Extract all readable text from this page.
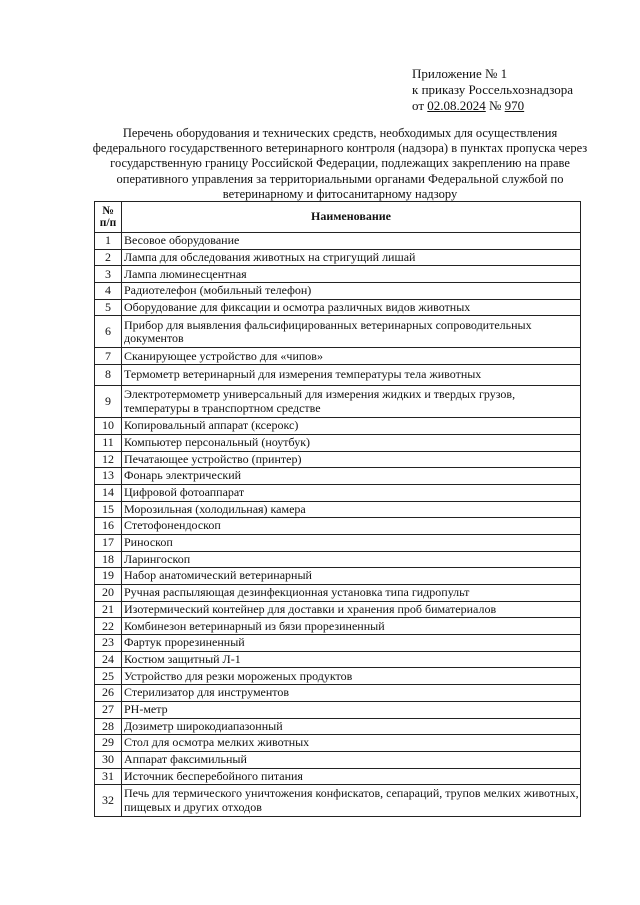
Приложение № 1
к приказу Россельхознадзора
от 02.08.2024 № 970
Перечень оборудования и технических средств, необходимых для осуществления федерального государственного ветеринарного контроля (надзора) в пунктах пропуска через государственную границу Российской Федерации, подлежащих закреплению на праве оперативного управления за территориальными органами Федеральной службой по ветеринарному и фитосанитарному надзору
№ п/п	Наименование
1	Весовое оборудование
2	Лампа для обследования животных на стригущий лишай
3	Лампа люминесцентная
4	Радиотелефон (мобильный телефон)
5	Оборудование для фиксации и осмотра различных видов животных
6	Прибор для выявления фальсифицированных ветеринарных сопроводительных документов
7	Сканирующее устройство для «чипов»
8	Термометр ветеринарный для измерения температуры тела животных
9	Электротермометр универсальный для измерения жидких и твердых грузов, температуры в транспортном средстве
10	Копировальный аппарат (ксерокс)
11	Компьютер персональный (ноутбук)
12	Печатающее устройство (принтер)
13	Фонарь электрический
14	Цифровой фотоаппарат
15	Морозильная (холодильная) камера
16	Стетофонендоскоп
17	Риноскоп
18	Ларингоскоп
19	Набор анатомический ветеринарный
20	Ручная распыляющая дезинфекционная установка типа гидропульт
21	Изотермический контейнер для доставки и хранения проб биматериалов
22	Комбинезон ветеринарный из бязи прорезиненный
23	Фартук прорезиненный
24	Костюм защитный Л-1
25	Устройство для резки мороженых продуктов
26	Стерилизатор для инструментов
27	PH-метр
28	Дозиметр широкодиапазонный
29	Стол для осмотра мелких животных
30	Аппарат факсимильный
31	Источник бесперебойного питания
32	Печь для термического уничтожения конфискатов, сепараций, трупов мелких животных, пищевых и других отходов
